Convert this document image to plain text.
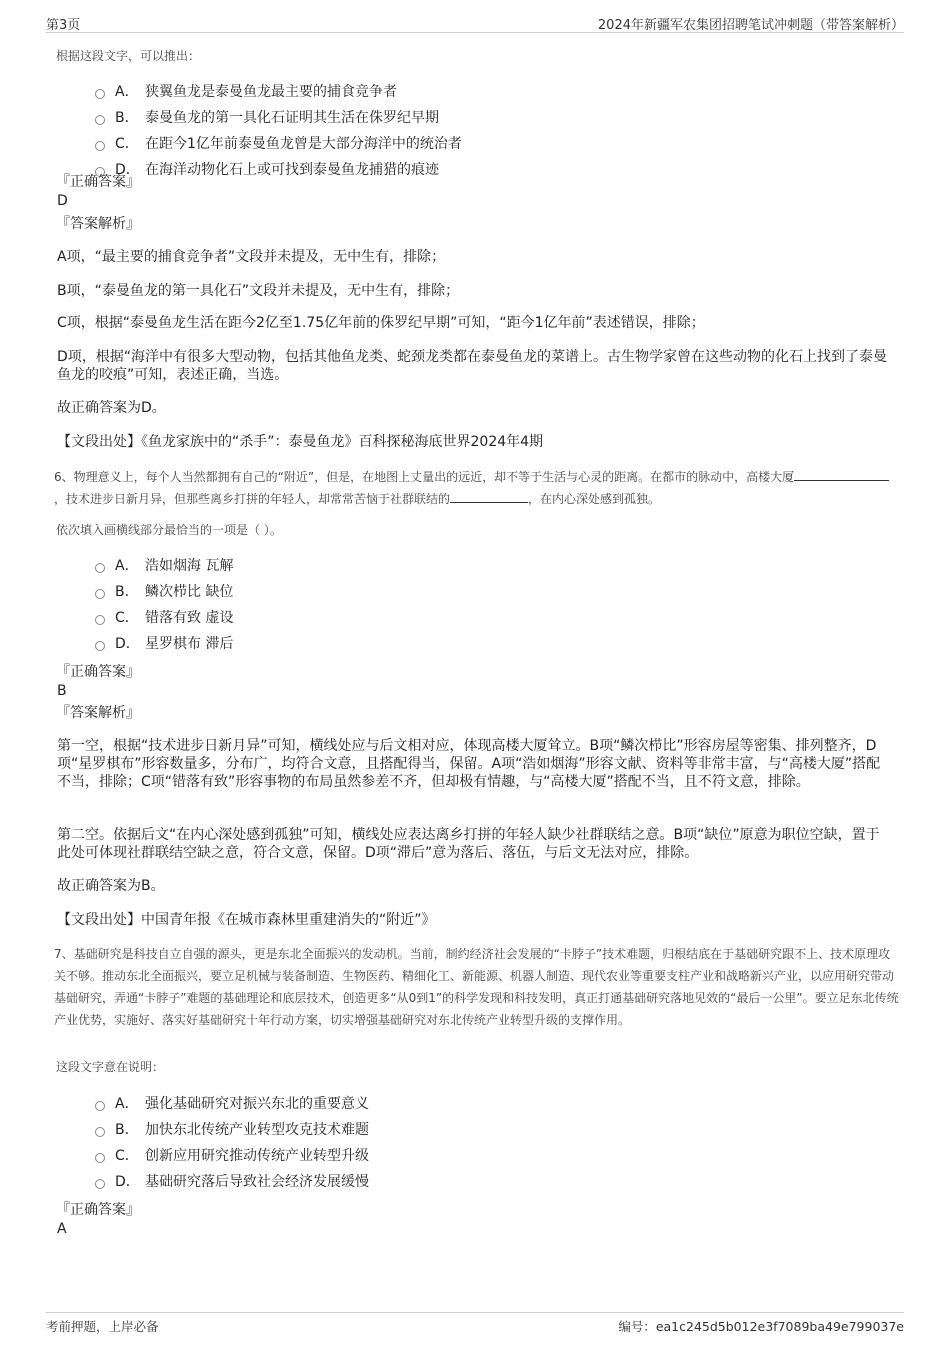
第3页	2024年新疆军农集团招聘笔试冲刺题（带答案解析）
根据这段文字，可以推出：
A． 狭翼鱼龙是泰曼鱼龙最主要的捕食竞争者
B． 泰曼鱼龙的第一具化石证明其生活在侏罗纪早期
C． 在距今1亿年前泰曼鱼龙曾是大部分海洋中的统治者
D． 在海洋动物化石上或可找到泰曼鱼龙捕猎的痕迹
『正确答案』
D
『答案解析』
A项，“最主要的捕食竞争者”文段并未提及，无中生有，排除；
B项，“泰曼鱼龙的第一具化石”文段并未提及，无中生有，排除；
C项，根据“泰曼鱼龙生活在距今2亿至1.75亿年前的侏罗纪早期”可知，“距今1亿年前”表述错误，排除；
D项，根据“海洋中有很多大型动物，包括其他鱼龙类、蛇颈龙类都在泰曼鱼龙的菜谱上。古生物学家曾在这些动物的化石上找到了泰曼鱼龙的咬痕”可知，表述正确，当选。
故正确答案为D。
【文段出处】《鱼龙家族中的“杀手”：泰曼鱼龙》百科探秘海底世界2024年4期
6、物理意义上，每个人当然都拥有自己的“附近”，但是，在地图上丈量出的远近，却不等于生活与心灵的距离。在都市的脉动中，高楼大厦，技术进步日新月异，但那些离乡打拼的年轻人，却常常苦恼于社群联结的	，在内心深处感到孤独。
依次填入画横线部分最恰当的一项是（ ）。
A． 浩如烟海 瓦解
B． 鳞次栉比 缺位
C． 错落有致 虚设
D． 星罗棋布 滞后
『正确答案』
B
『答案解析』
第一空，根据“技术进步日新月异”可知，横线处应与后文相对应，体现高楼大厦耸立。B项“鳞次栉比”形容房屋等密集、排列整齐，D项“星罗棋布”形容数量多，分布广，均符合文意，且搭配得当，保留。A项“浩如烟海”形容文献、资料等非常丰富，与“高楼大厦”搭配不当，排除；C项“错落有致”形容事物的布局虽然参差不齐，但却极有情趣，与“高楼大厦”搭配不当，且不符文意，排除。
第二空。依据后文“在内心深处感到孤独”可知，横线处应表达离乡打拼的年轻人缺少社群联结之意。B项“缺位”原意为职位空缺，置于此处可体现社群联结空缺之意，符合文意，保留。D项“滞后”意为落后、落伍，与后文无法对应，排除。
故正确答案为B。
【文段出处】中国青年报《在城市森林里重建消失的“附近”》
7、基础研究是科技自立自强的源头，更是东北全面振兴的发动机。当前，制约经济社会发展的“卡脖子”技术难题，归根结底在于基础研究跟不上、技术原理攻关不够。推动东北全面振兴，要立足机械与装备制造、生物医药、精细化工、新能源、机器人制造、现代农业等重要支柱产业和战略新兴产业，以应用研究带动基础研究，弄通“卡脖子”难题的基础理论和底层技术，创造更多“从0到1”的科学发现和科技发明，真正打通基础研究落地见效的“最后一公里”。要立足东北传统产业优势，实施好、落实好基础研究十年行动方案，切实增强基础研究对东北传统产业转型升级的支撑作用。
这段文字意在说明：
A． 强化基础研究对振兴东北的重要意义
B． 加快东北传统产业转型攻克技术难题
C． 创新应用研究推动传统产业转型升级
D． 基础研究落后导致社会经济发展缓慢
『正确答案』
A
考前押题，上岸必备	编号：ea1c245d5b012e3f7089ba49e799037e
